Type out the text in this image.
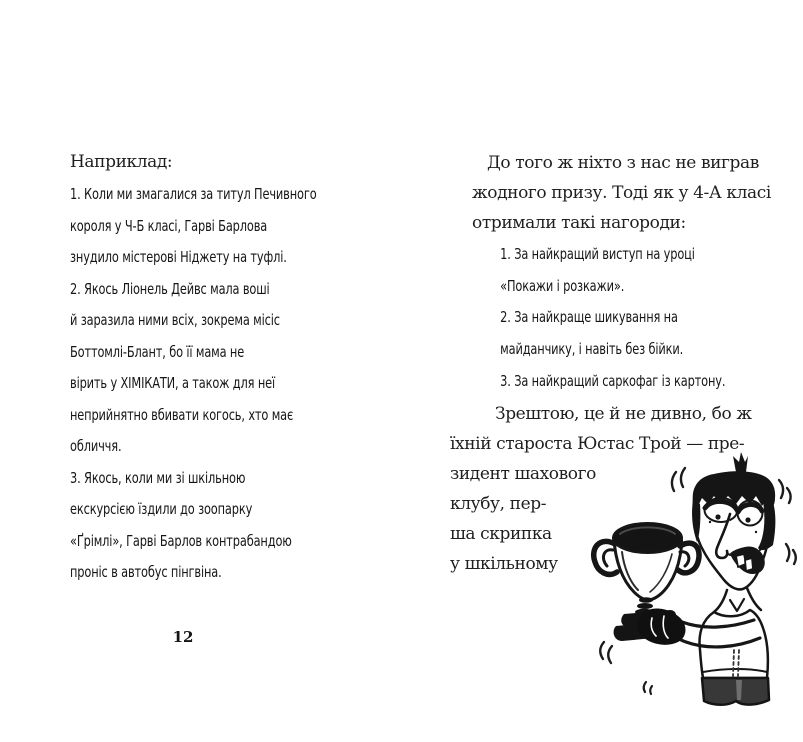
Наприклад:
1. Коли ми змагалися за титул Печивного
короля у Ч-Б класі, Гарві Барлова
знудило містерові Ніджету на туфлі.
2. Якось Ліонель Дейвс мала воші
й заразила ними всіх, зокрема місіс
Боттомлі-Блант, бо її мама не
вірить у ХІМІКАТИ, а також для неї
неприйнятно вбивати когось, хто має
обличчя.
3. Якось, коли ми зі шкільною
екскурсією їздили до зоопарку
«Ґрімлі», Гарві Барлов контрабандою
проніс в автобус пінгвіна.
12
До того ж ніхто з нас не виграв
жодного призу. Тоді як у 4-А класі
отримали такі нагороди:
1. За найкращий виступ на уроці
«Покажи і розкажи».
2. За найкраще шикування на
майданчику, і навіть без бійки.
3. За найкращий саркофаг із картону.
Зрештою, це й не дивно, бо ж
їхній староста Юстас Трой — пре-
зидент шахового
клубу, пер-
ша скрипка
у шкільному
